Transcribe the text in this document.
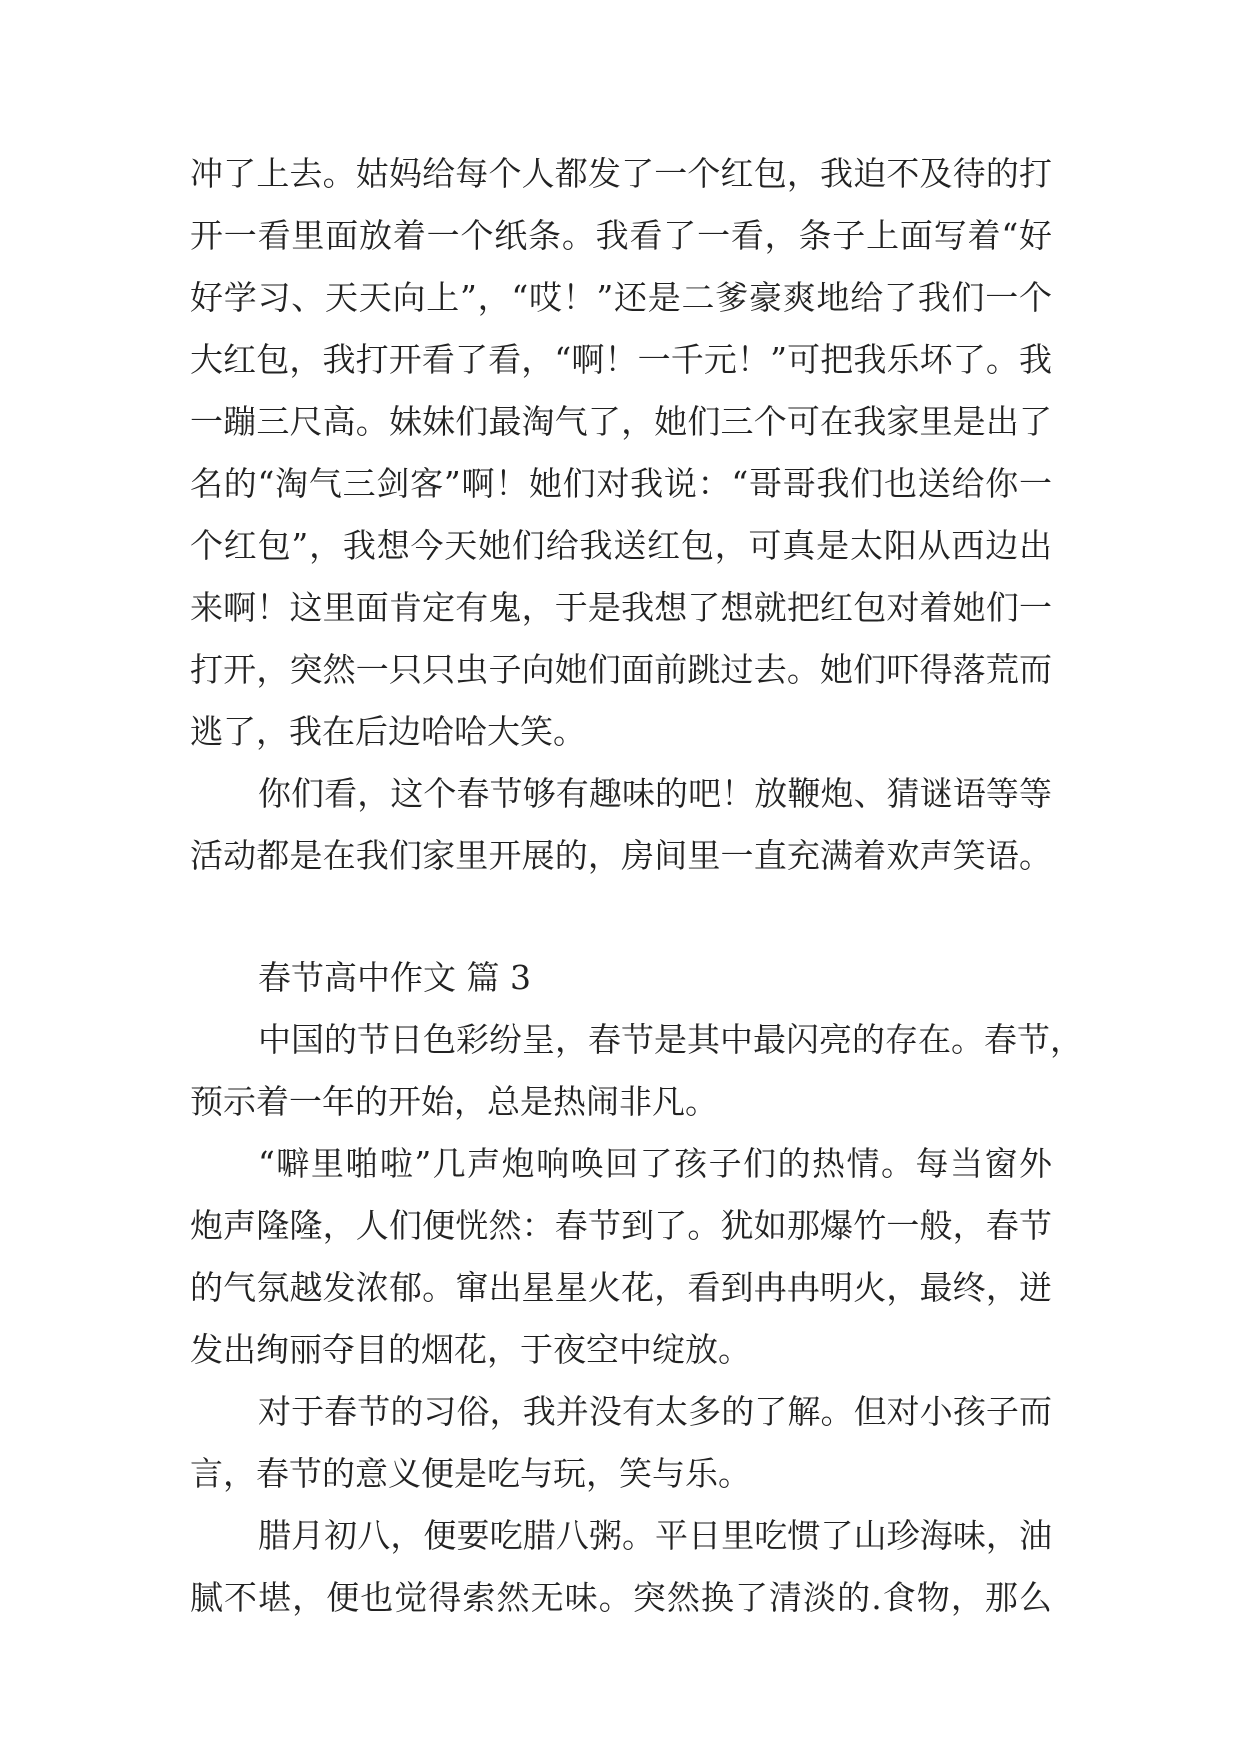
冲了上去。姑妈给每个人都发了一个红包，我迫不及待的打
开一看里面放着一个纸条。我看了一看，条子上面写着“好
好学习、天天向上”，“哎！”还是二爹豪爽地给了我们一个
大红包，我打开看了看，“啊！一千元！”可把我乐坏了。我
一蹦三尺高。妹妹们最淘气了，她们三个可在我家里是出了
名的“淘气三剑客”啊！她们对我说：“哥哥我们也送给你一
个红包”，我想今天她们给我送红包，可真是太阳从西边出
来啊！这里面肯定有鬼，于是我想了想就把红包对着她们一
打开，突然一只只虫子向她们面前跳过去。她们吓得落荒而
逃了，我在后边哈哈大笑。
你们看，这个春节够有趣味的吧！放鞭炮、猜谜语等等
活动都是在我们家里开展的，房间里一直充满着欢声笑语。
春节高中作文 篇 3
中国的节日色彩纷呈，春节是其中最闪亮的存在。春节，
预示着一年的开始，总是热闹非凡。
“噼里啪啦”几声炮响唤回了孩子们的热情。每当窗外
炮声隆隆，人们便恍然：春节到了。犹如那爆竹一般，春节
的气氛越发浓郁。窜出星星火花，看到冉冉明火，最终，迸
发出绚丽夺目的烟花，于夜空中绽放。
对于春节的习俗，我并没有太多的了解。但对小孩子而
言，春节的意义便是吃与玩，笑与乐。
腊月初八，便要吃腊八粥。平日里吃惯了山珍海味，油
腻不堪，便也觉得索然无味。突然换了清淡的.食物，那么
